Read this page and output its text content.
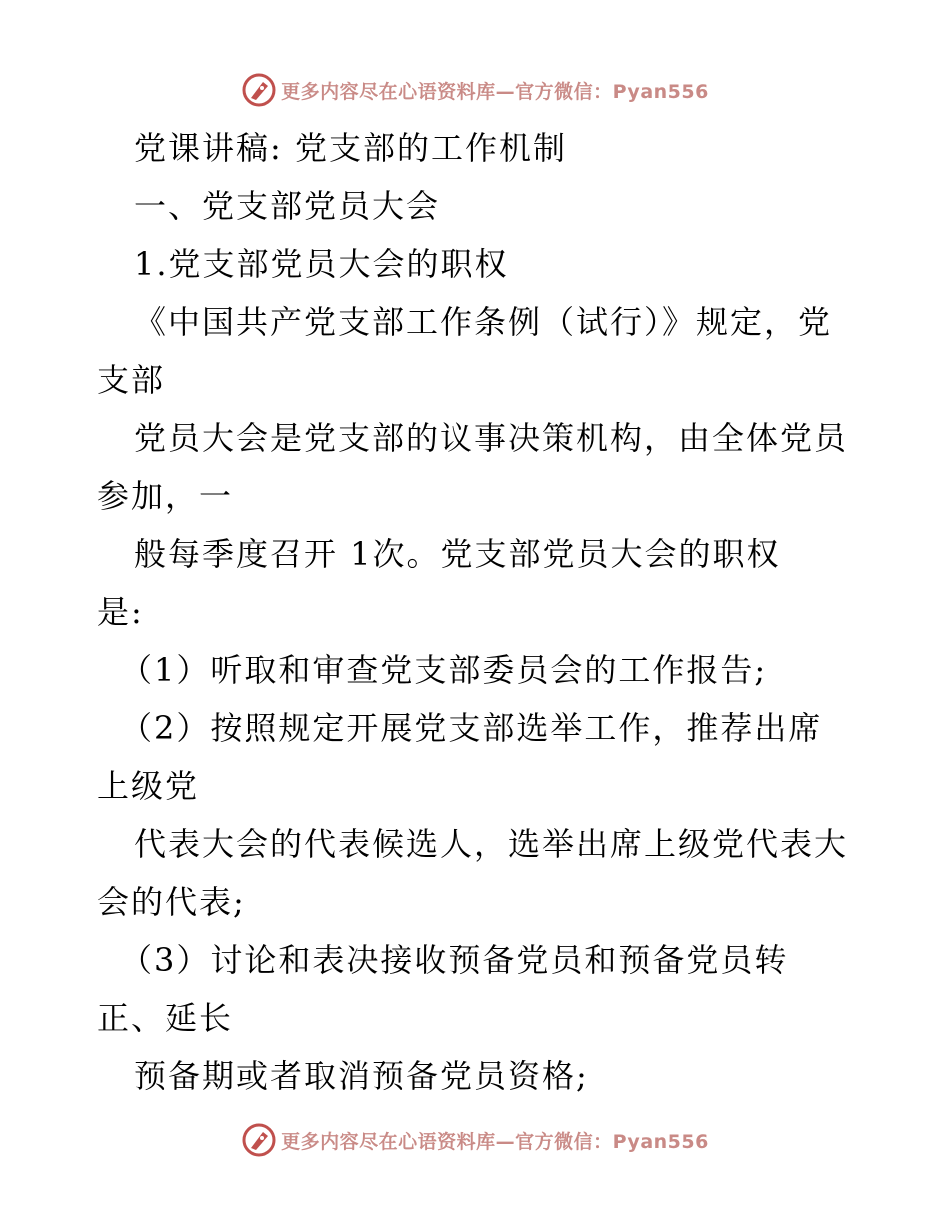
更多内容尽在心语资料库—官方微信：Pyan556
党课讲稿: 党支部的工作机制
一、党支部党员大会
1.党支部党员大会的职权
《中国共产党支部工作条例（试行）》规定，党
支部
党员大会是党支部的议事决策机构，由全体党员
参加，一
般每季度召开 1次。党支部党员大会的职权
是:
（1）听取和审查党支部委员会的工作报告;
（2）按照规定开展党支部选举工作，推荐出席
上级党
代表大会的代表候选人，选举出席上级党代表大
会的代表;
（3）讨论和表决接收预备党员和预备党员转
正、延长
预备期或者取消预备党员资格;
更多内容尽在心语资料库—官方微信：Pyan556
